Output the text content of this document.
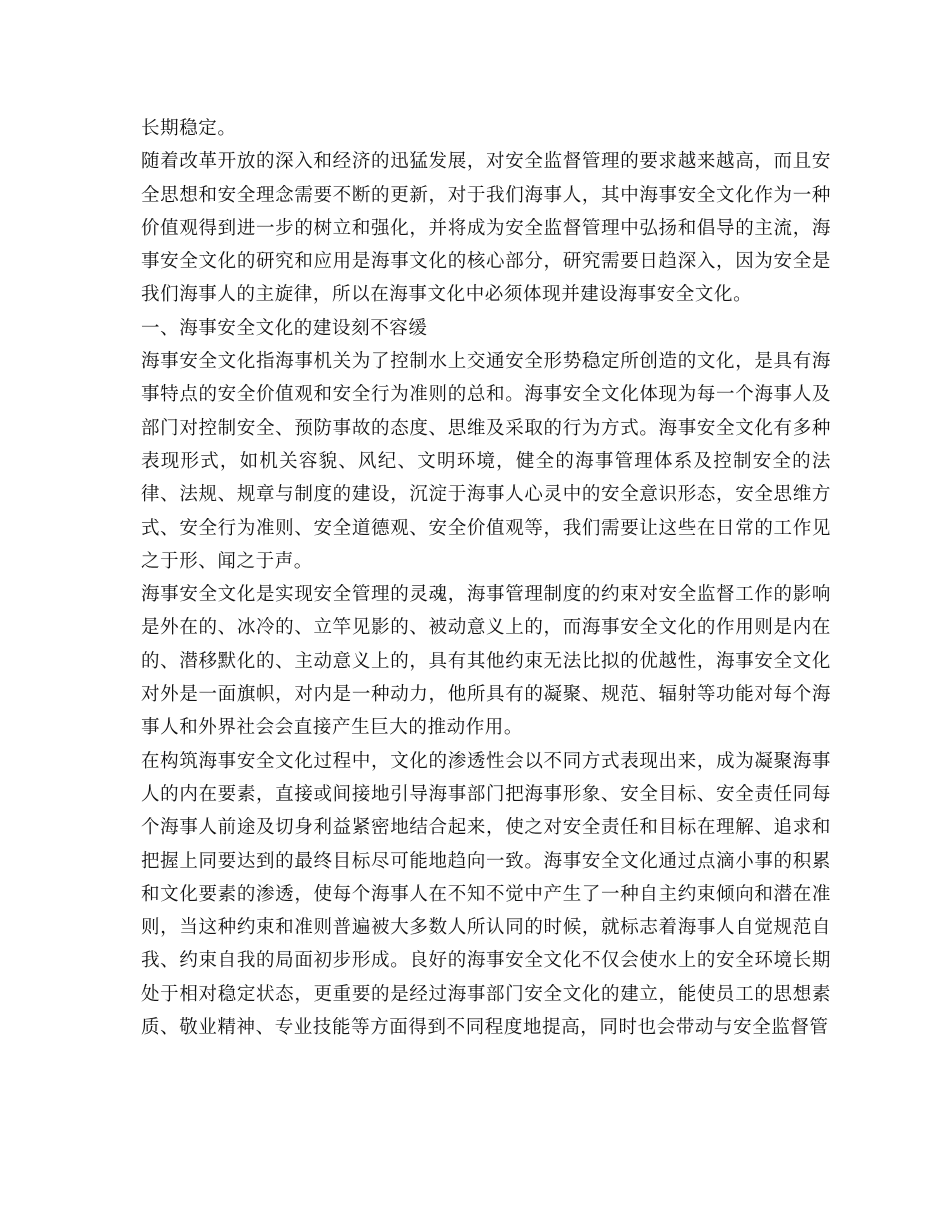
长期稳定。

随着改革开放的深入和经济的迅猛发展，对安全监督管理的要求越来越高，而且安全思想和安全理念需要不断的更新，对于我们海事人，其中海事安全文化作为一种价值观得到进一步的树立和强化，并将成为安全监督管理中弘扬和倡导的主流，海事安全文化的研究和应用是海事文化的核心部分，研究需要日趋深入，因为安全是我们海事人的主旋律，所以在海事文化中必须体现并建设海事安全文化。

一、海事安全文化的建设刻不容缓

海事安全文化指海事机关为了控制水上交通安全形势稳定所创造的文化，是具有海事特点的安全价值观和安全行为准则的总和。海事安全文化体现为每一个海事人及部门对控制安全、预防事故的态度、思维及采取的行为方式。海事安全文化有多种表现形式，如机关容貌、风纪、文明环境，健全的海事管理体系及控制安全的法律、法规、规章与制度的建设，沉淀于海事人心灵中的安全意识形态，安全思维方式、安全行为准则、安全道德观、安全价值观等，我们需要让这些在日常的工作见之于形、闻之于声。

海事安全文化是实现安全管理的灵魂，海事管理制度的约束对安全监督工作的影响是外在的、冰冷的、立竿见影的、被动意义上的，而海事安全文化的作用则是内在的、潜移默化的、主动意义上的，具有其他约束无法比拟的优越性，海事安全文化对外是一面旗帜，对内是一种动力，他所具有的凝聚、规范、辐射等功能对每个海事人和外界社会会直接产生巨大的推动作用。

在构筑海事安全文化过程中，文化的渗透性会以不同方式表现出来，成为凝聚海事人的内在要素，直接或间接地引导海事部门把海事形象、安全目标、安全责任同每个海事人前途及切身利益紧密地结合起来，使之对安全责任和目标在理解、追求和把握上同要达到的最终目标尽可能地趋向一致。海事安全文化通过点滴小事的积累和文化要素的渗透，使每个海事人在不知不觉中产生了一种自主约束倾向和潜在准则，当这种约束和准则普遍被大多数人所认同的时候，就标志着海事人自觉规范自我、约束自我的局面初步形成。良好的海事安全文化不仅会使水上的安全环境长期处于相对稳定状态，更重要的是经过海事部门安全文化的建立，能使员工的思想素质、敬业精神、专业技能等方面得到不同程度地提高，同时也会带动与安全监督管
